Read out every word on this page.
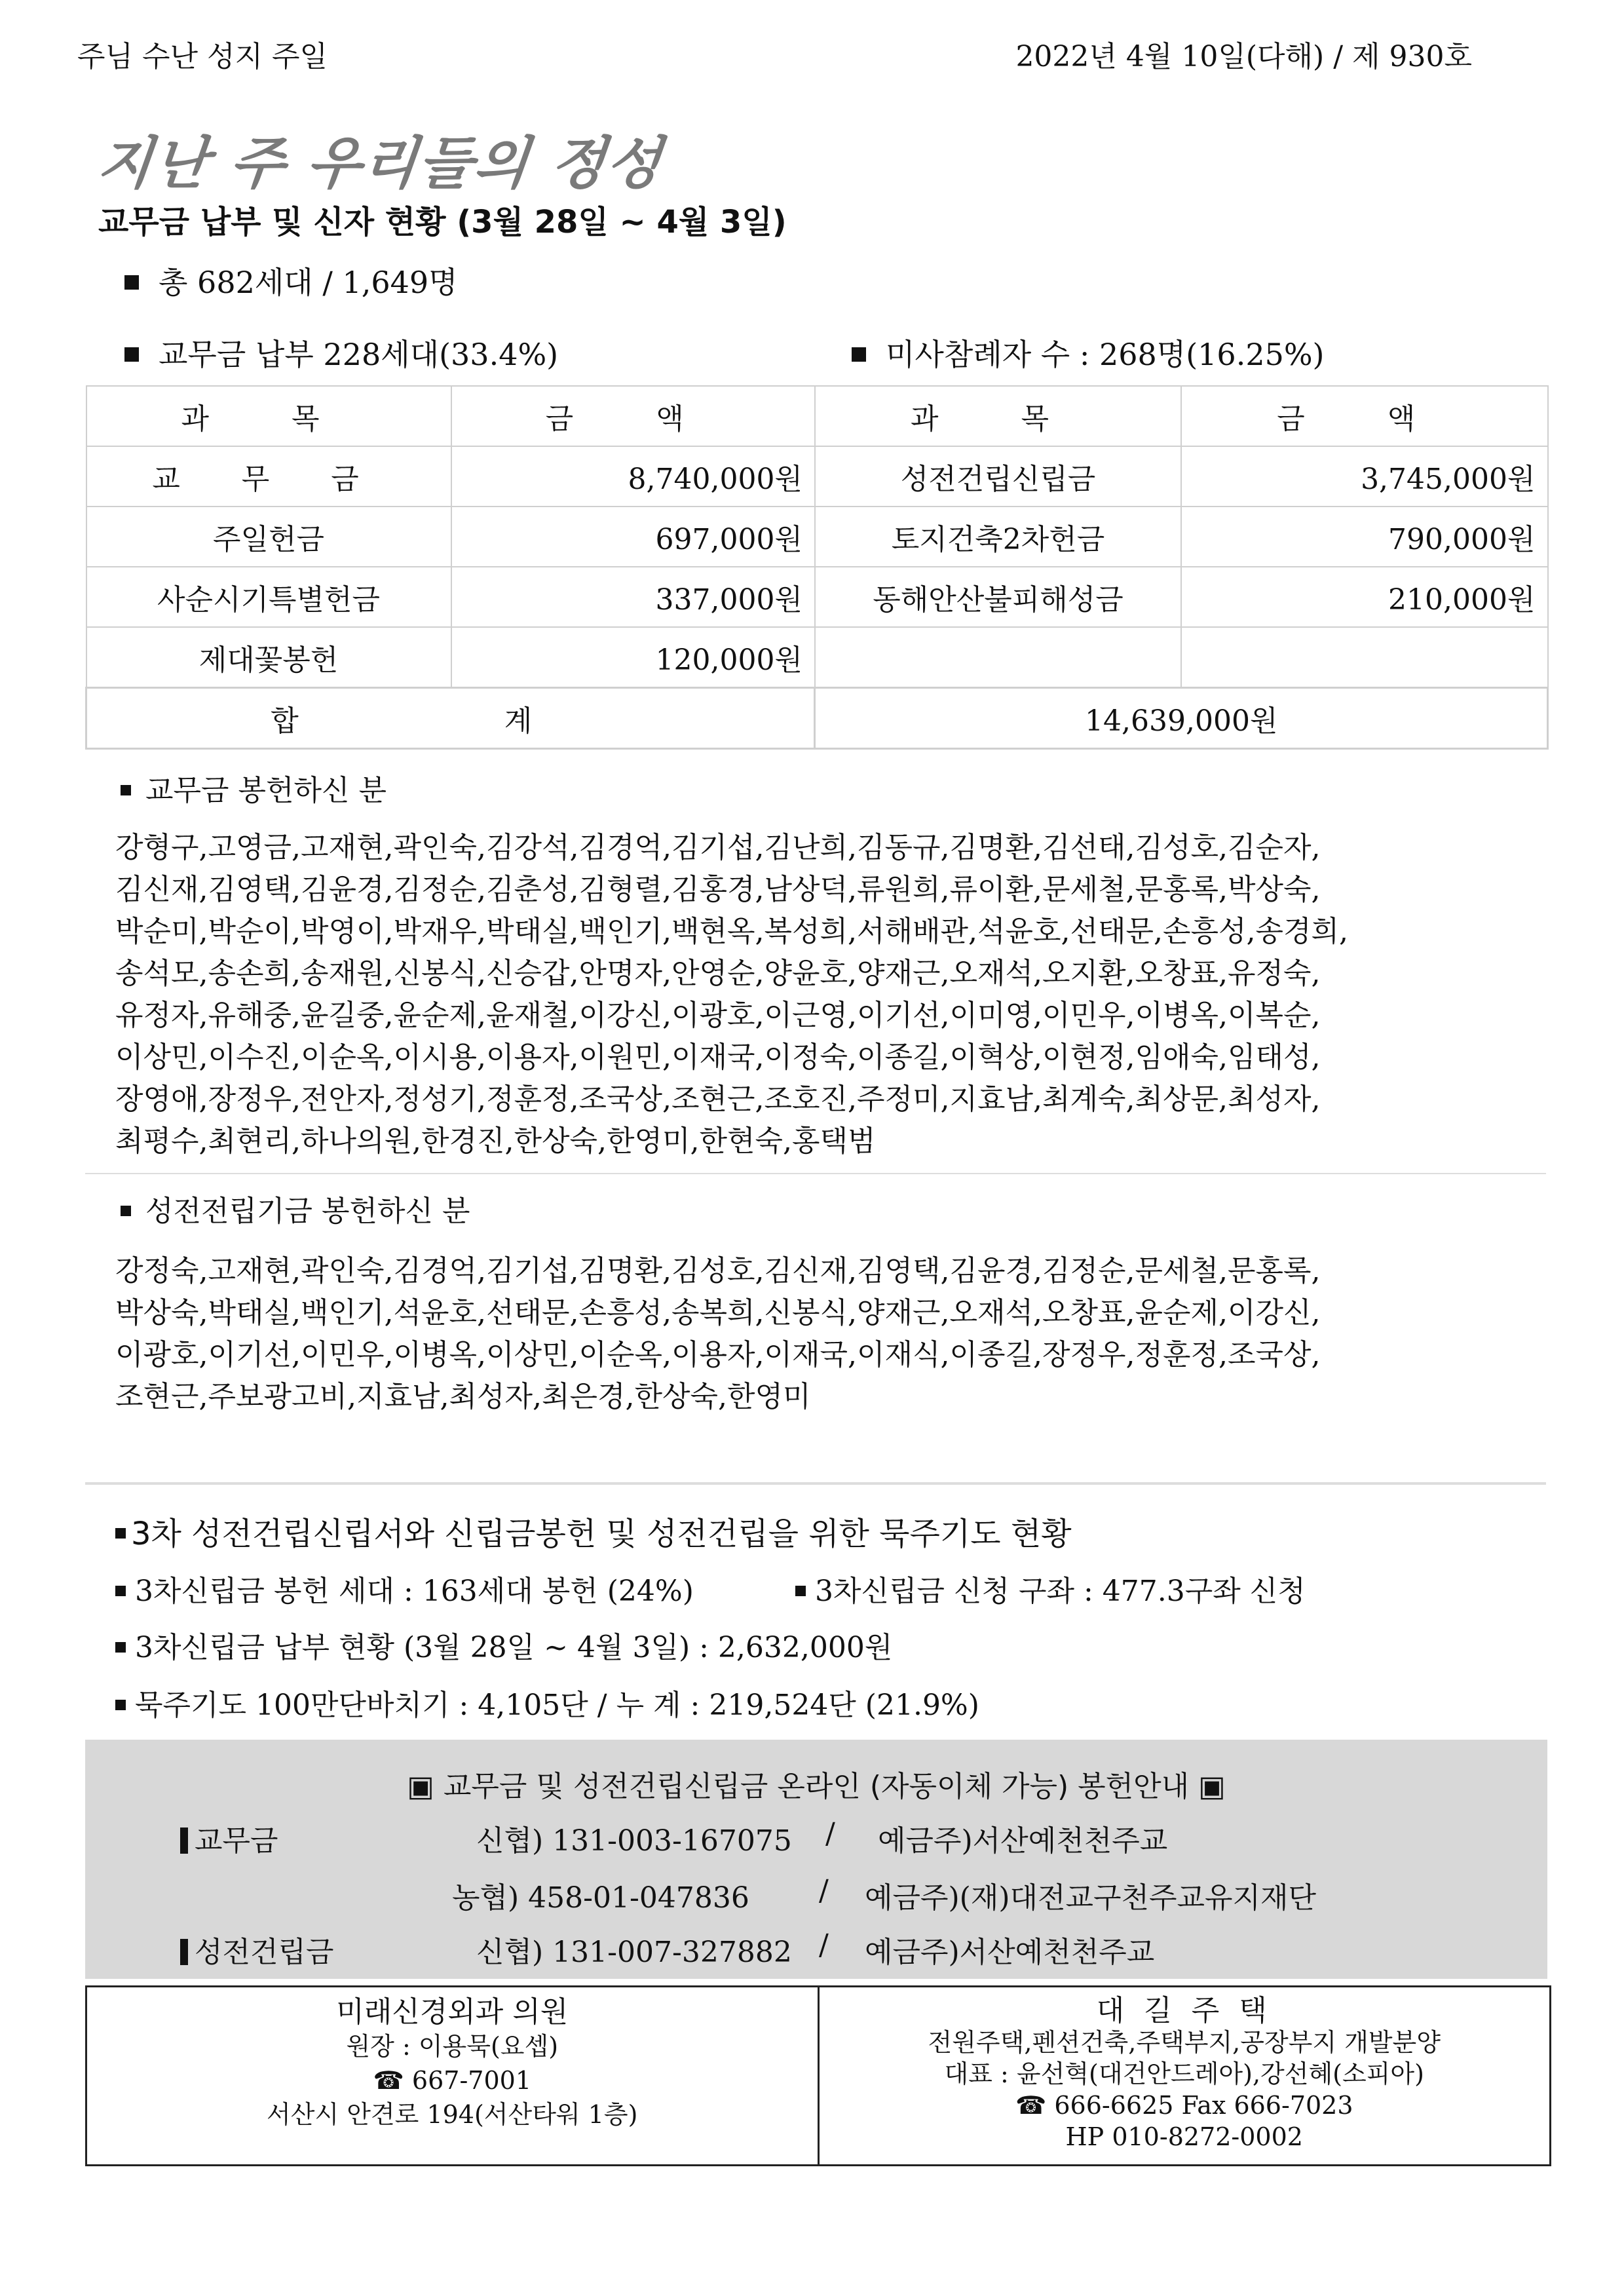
주님 수난 성지 주일	2022년 4월 10일(다해) / 제 930호
지난 주 우리들의 정성
교무금 납부 및 신자 현황 (3월 28일 ~ 4월 3일)
총 682세대 / 1,649명
교무금 납부 228세대(33.4%)	미사참례자 수 : 268명(16.25%)
과 목	금 액	과 목	금 액
교 무 금	8,740,000원	성전건립신립금	3,745,000원
주일헌금	697,000원	토지건축2차헌금	790,000원
사순시기특별헌금	337,000원	동해안산불피해성금	210,000원
제대꽃봉헌	120,000원		
합 계		14,639,000원	
교무금 봉헌하신 분
강형구,고영금,고재현,곽인숙,김강석,김경억,김기섭,김난희,김동규,김명환,김선태,김성호,김순자,
김신재,김영택,김윤경,김정순,김춘성,김형렬,김홍경,남상덕,류원희,류이환,문세철,문홍록,박상숙,
박순미,박순이,박영이,박재우,박태실,백인기,백현옥,복성희,서해배관,석윤호,선태문,손흥성,송경희,
송석모,송손희,송재원,신봉식,신승갑,안명자,안영순,양윤호,양재근,오재석,오지환,오창표,유정숙,
유정자,유해중,윤길중,윤순제,윤재철,이강신,이광호,이근영,이기선,이미영,이민우,이병옥,이복순,
이상민,이수진,이순옥,이시용,이용자,이원민,이재국,이정숙,이종길,이혁상,이현정,임애숙,임태성,
장영애,장정우,전안자,정성기,정훈정,조국상,조현근,조호진,주정미,지효남,최계숙,최상문,최성자,
최평수,최현리,하나의원,한경진,한상숙,한영미,한현숙,홍택범
성전전립기금 봉헌하신 분
강정숙,고재현,곽인숙,김경억,김기섭,김명환,김성호,김신재,김영택,김윤경,김정순,문세철,문홍록,
박상숙,박태실,백인기,석윤호,선태문,손흥성,송복희,신봉식,양재근,오재석,오창표,윤순제,이강신,
이광호,이기선,이민우,이병옥,이상민,이순옥,이용자,이재국,이재식,이종길,장정우,정훈정,조국상,
조현근,주보광고비,지효남,최성자,최은경,한상숙,한영미
3차 성전건립신립서와 신립금봉헌 및 성전건립을 위한 묵주기도 현황
3차신립금 봉헌 세대 : 163세대 봉헌 (24%)	3차신립금 신청 구좌 : 477.3구좌 신청
3차신립금 납부 현황 (3월 28일 ~ 4월 3일) : 2,632,000원
묵주기도 100만단바치기 : 4,105단 / 누 계 : 219,524단 (21.9%)
▣ 교무금 및 성전건립신립금 온라인 (자동이체 가능) 봉헌안내 ▣
교무금	신협) 131-003-167075 / 예금주)서산예천천주교
농협) 458-01-047836 / 예금주)(재)대전교구천주교유지재단
성전건립금	신협) 131-007-327882 / 예금주)서산예천천주교
미래신경외과 의원
원장 : 이용묵(요셉)
☎ 667-7001
서산시 안견로 194(서산타워 1층)
대 길 주 택
전원주택,펜션건축,주택부지,공장부지 개발분양
대표 : 윤선혁(대건안드레아),강선혜(소피아)
☎ 666-6625 Fax 666-7023
HP 010-8272-0002
